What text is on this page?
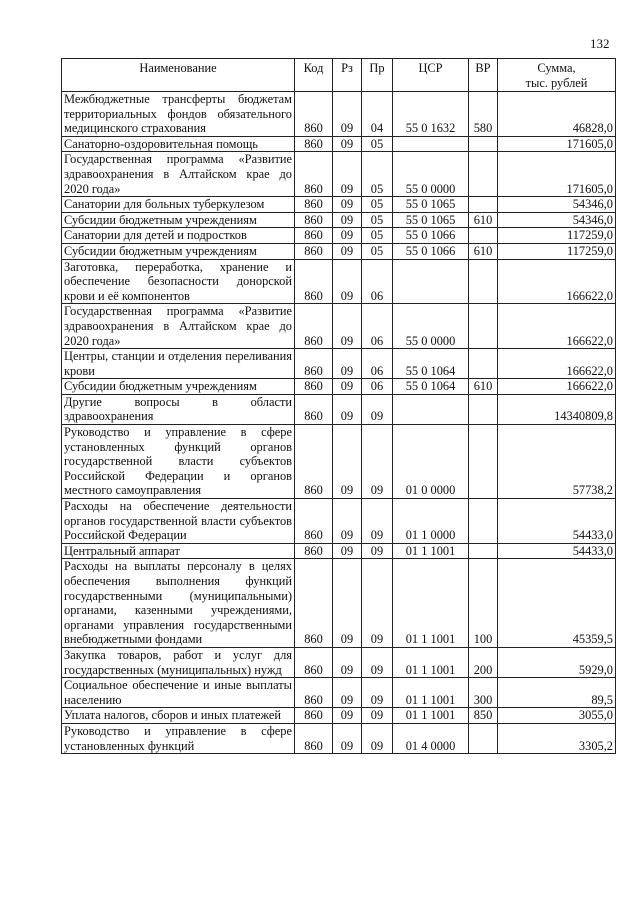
132
Наименование	Код	Рз	Пр	ЦСР	ВР	Сумма,
тыс. рублей
Межбюджетные трансферты бюджетам территориальных фондов обязательного медицинского страхования	860	09	04	55 0 1632	580	46828,0
Санаторно-оздоровительная помощь	860	09	05			171605,0
Государственная программа «Развитие здравоохранения в Алтайском крае до 2020 года»	860	09	05	55 0 0000		171605,0
Санатории для больных туберкулезом	860	09	05	55 0 1065		54346,0
Субсидии бюджетным учреждениям	860	09	05	55 0 1065	610	54346,0
Санатории для детей и подростков	860	09	05	55 0 1066		117259,0
Субсидии бюджетным учреждениям	860	09	05	55 0 1066	610	117259,0
Заготовка, переработка, хранение и обеспечение безопасности донорской крови и её компонентов	860	09	06			166622,0
Государственная программа «Развитие здравоохранения в Алтайском крае до 2020 года»	860	09	06	55 0 0000		166622,0
Центры, станции и отделения переливания крови	860	09	06	55 0 1064		166622,0
Субсидии бюджетным учреждениям	860	09	06	55 0 1064	610	166622,0
Другие вопросы в области здравоохранения	860	09	09			14340809,8
Руководство и управление в сфере установленных функций органов государственной власти субъектов Российской Федерации и органов местного самоуправления	860	09	09	01 0 0000		57738,2
Расходы на обеспечение деятельности органов государственной власти субъектов Российской Федерации	860	09	09	01 1 0000		54433,0
Центральный аппарат	860	09	09	01 1 1001		54433,0
Расходы на выплаты персоналу в целях обеспечения выполнения функций государственными (муниципальными) органами, казенными учреждениями, органами управления государственными внебюджетными фондами	860	09	09	01 1 1001	100	45359,5
Закупка товаров, работ и услуг для государственных (муниципальных) нужд	860	09	09	01 1 1001	200	5929,0
Социальное обеспечение и иные выплаты населению	860	09	09	01 1 1001	300	89,5
Уплата налогов, сборов и иных платежей	860	09	09	01 1 1001	850	3055,0
Руководство и управление в сфере установленных функций	860	09	09	01 4 0000		3305,2
